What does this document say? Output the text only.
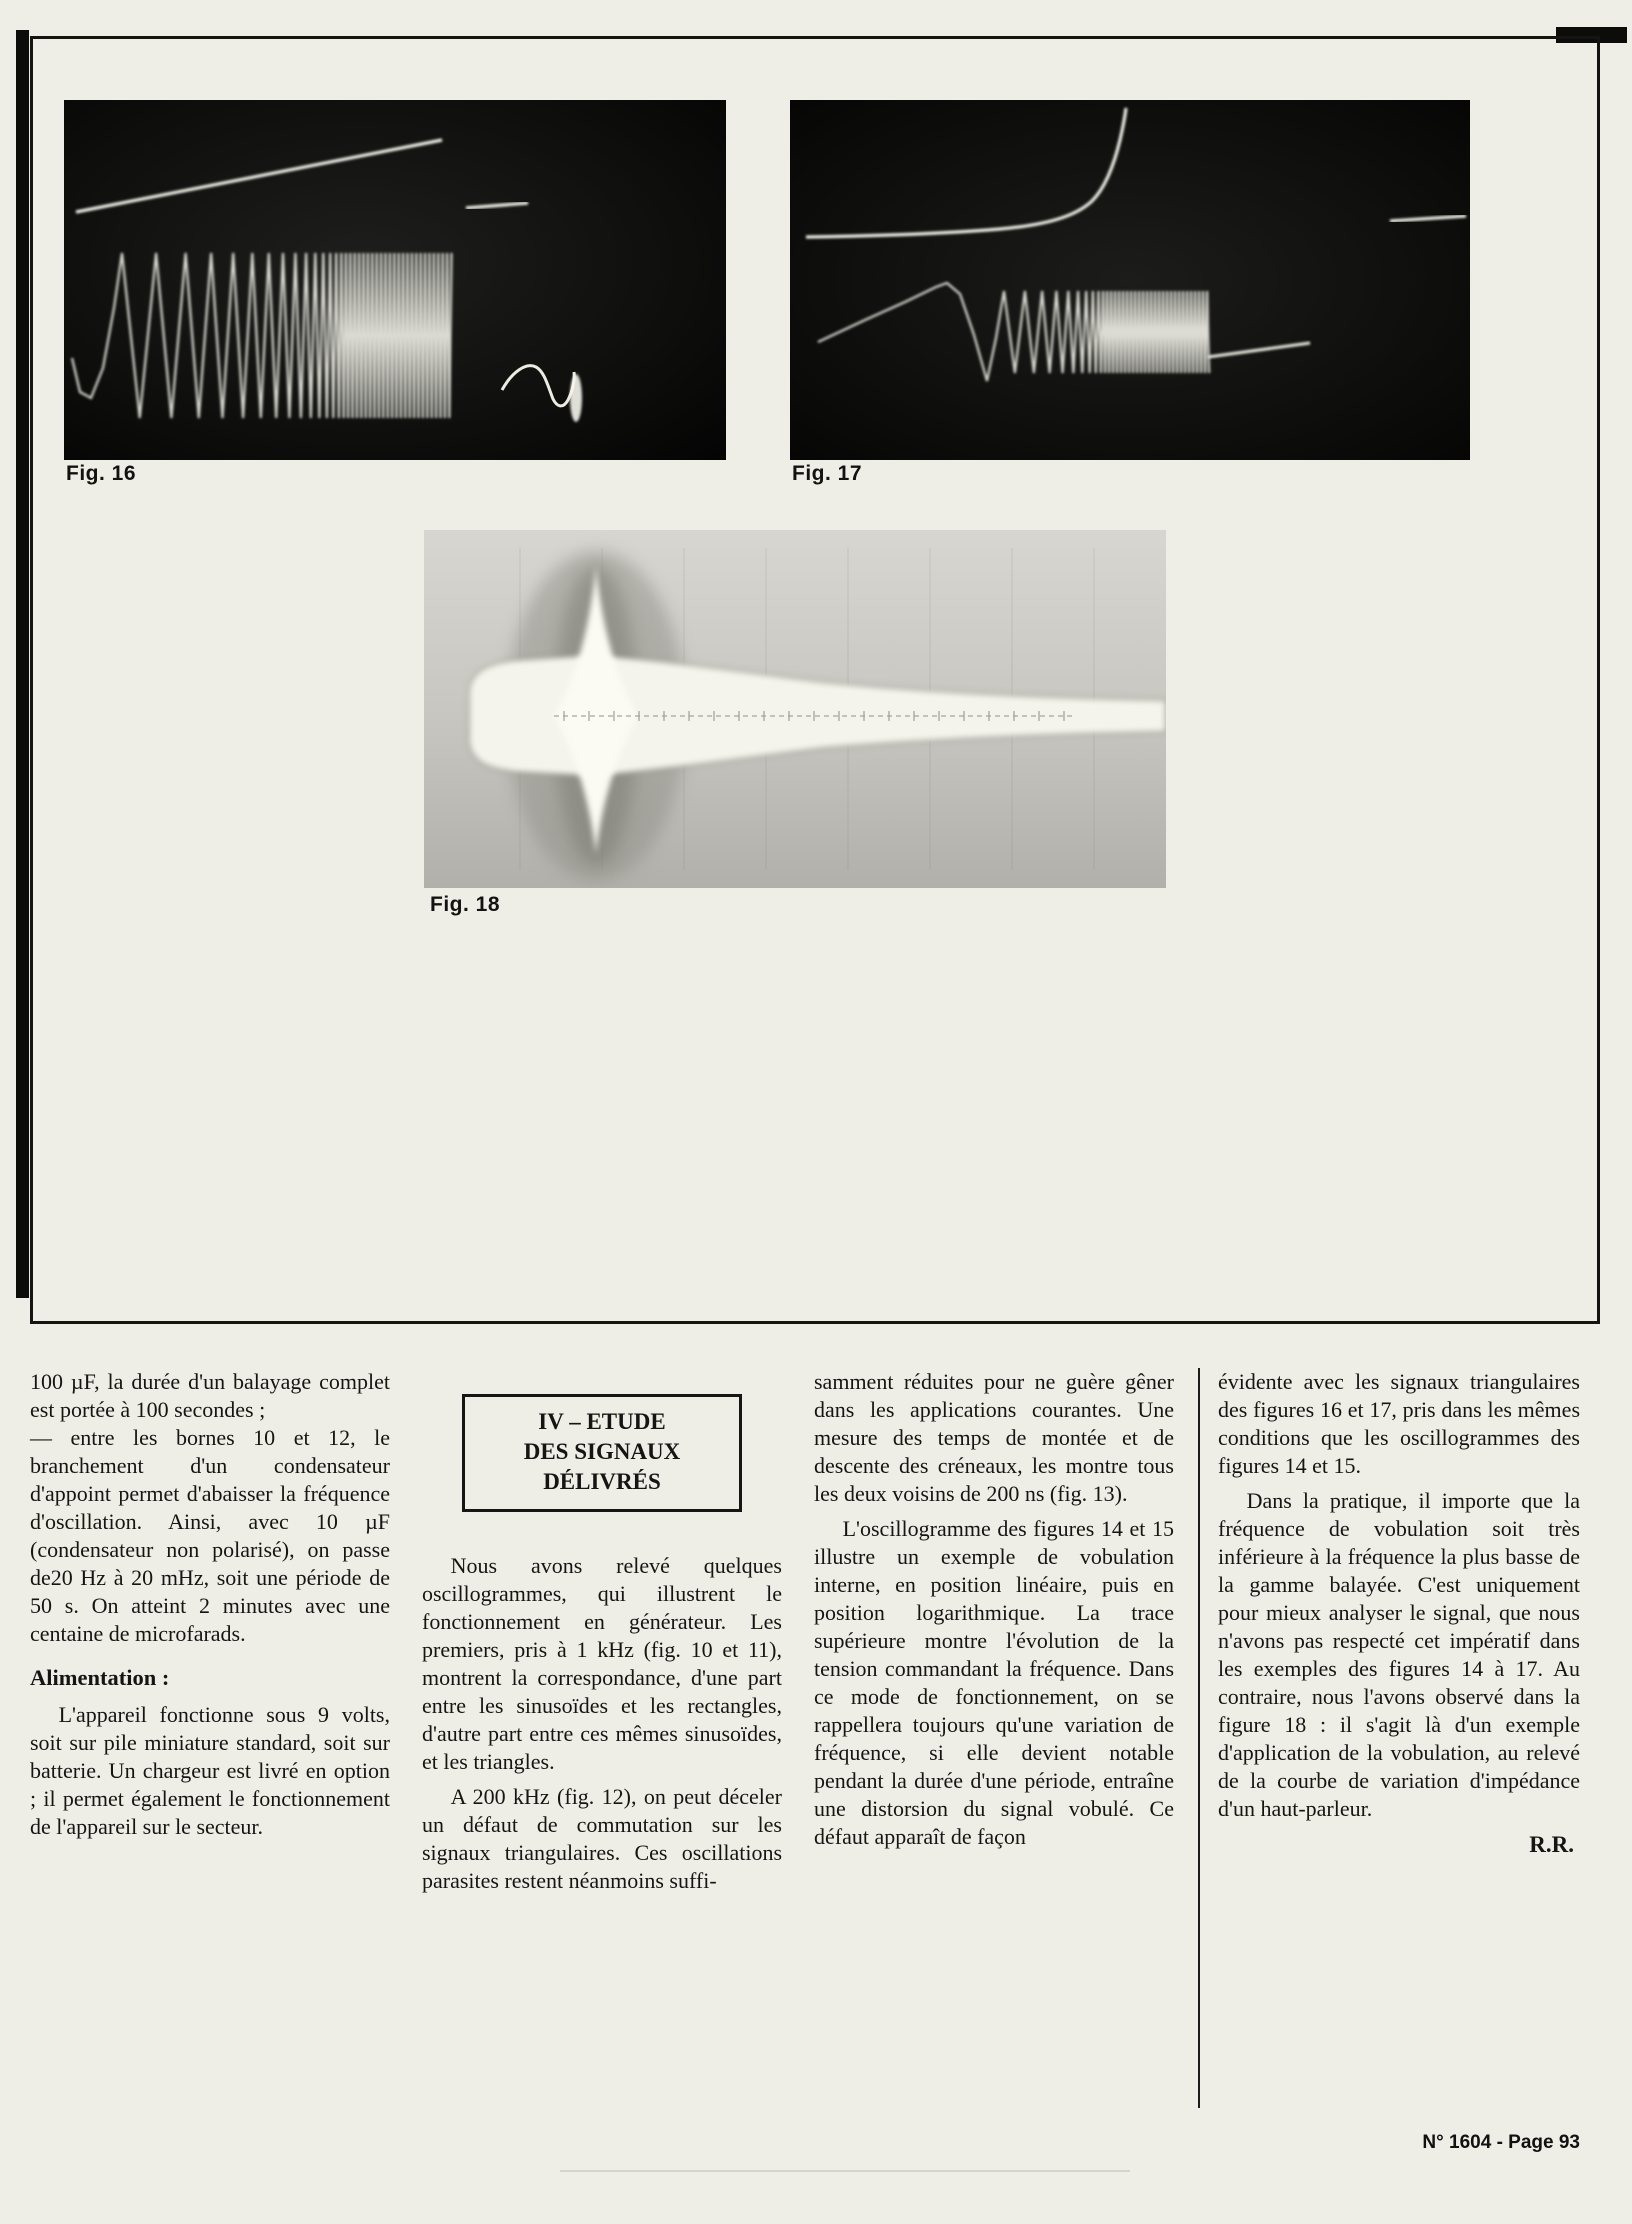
Fig. 16	Fig. 17
Fig. 18

100 µF, la durée d'un balayage complet est portée à 100 secondes ;

— entre les bornes 10 et 12, le branchement d'un condensateur d'appoint permet d'abaisser la fréquence d'oscillation. Ainsi, avec 10 µF (condensateur non polarisé), on passe de20 Hz à 20 mHz, soit une période de 50 s. On atteint 2 minutes avec une centaine de microfarads.

Alimentation :

L'appareil fonctionne sous 9 volts, soit sur pile miniature standard, soit sur batterie. Un chargeur est livré en option ; il permet également le fonctionnement de l'appareil sur le secteur.

IV – ETUDE
DES SIGNAUX
DÉLIVRÉS

Nous avons relevé quelques oscillogrammes, qui illustrent le fonctionnement en générateur. Les premiers, pris à 1 kHz (fig. 10 et 11), montrent la correspondance, d'une part entre les sinusoïdes et les rectangles, d'autre part entre ces mêmes sinusoïdes, et les triangles.

A 200 kHz (fig. 12), on peut déceler un défaut de commutation sur les signaux triangulaires. Ces oscillations parasites restent néanmoins suffi-

samment réduites pour ne guère gêner dans les applications courantes. Une mesure des temps de montée et de descente des créneaux, les montre tous les deux voisins de 200 ns (fig. 13).

L'oscillogramme des figures 14 et 15 illustre un exemple de vobulation interne, en position linéaire, puis en position logarithmique. La trace supérieure montre l'évolution de la tension commandant la fréquence. Dans ce mode de fonctionnement, on se rappellera toujours qu'une variation de fréquence, si elle devient notable pendant la durée d'une période, entraîne une distorsion du signal vobulé. Ce défaut apparaît de façon

évidente avec les signaux triangulaires des figures 16 et 17, pris dans les mêmes conditions que les oscillogrammes des figures 14 et 15.

Dans la pratique, il importe que la fréquence de vobulation soit très inférieure à la fréquence la plus basse de la gamme balayée. C'est uniquement pour mieux analyser le signal, que nous n'avons pas respecté cet impératif dans les exemples des figures 14 à 17. Au contraire, nous l'avons observé dans la figure 18 : il s'agit là d'un exemple d'application de la vobulation, au relevé de la courbe de variation d'impédance d'un haut-parleur.

R.R.
N° 1604 - Page 93
